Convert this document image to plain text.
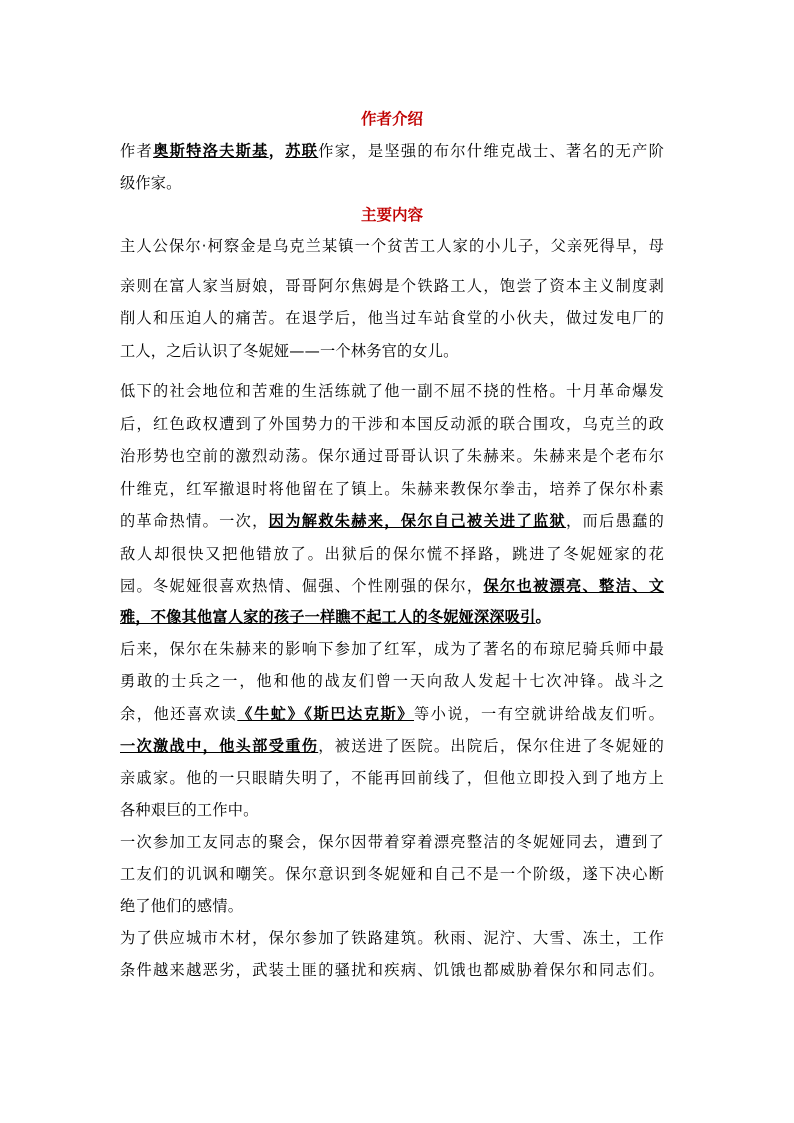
作者介绍
作者奥斯特洛夫斯基，苏联作家，是坚强的布尔什维克战士、著名的无产阶
级作家。
主要内容
主人公保尔·柯察金是乌克兰某镇一个贫苦工人家的小儿子，父亲死得早，母
亲则在富人家当厨娘，哥哥阿尔焦姆是个铁路工人，饱尝了资本主义制度剥
削人和压迫人的痛苦。在退学后，他当过车站食堂的小伙夫，做过发电厂的
工人，之后认识了冬妮娅——一个林务官的女儿。
低下的社会地位和苦难的生活练就了他一副不屈不挠的性格。十月革命爆发
后，红色政权遭到了外国势力的干涉和本国反动派的联合围攻，乌克兰的政
治形势也空前的激烈动荡。保尔通过哥哥认识了朱赫来。朱赫来是个老布尔
什维克，红军撤退时将他留在了镇上。朱赫来教保尔拳击，培养了保尔朴素
的革命热情。一次，因为解救朱赫来，保尔自己被关进了监狱，而后愚蠢的
敌人却很快又把他错放了。出狱后的保尔慌不择路，跳进了冬妮娅家的花
园。冬妮娅很喜欢热情、倔强、个性刚强的保尔，保尔也被漂亮、整洁、文
雅，不像其他富人家的孩子一样瞧不起工人的冬妮娅深深吸引。
后来，保尔在朱赫来的影响下参加了红军，成为了著名的布琼尼骑兵师中最
勇敢的士兵之一，他和他的战友们曾一天向敌人发起十七次冲锋。战斗之
余，他还喜欢读《牛虻》《斯巴达克斯》等小说，一有空就讲给战友们听。
一次激战中，他头部受重伤，被送进了医院。出院后，保尔住进了冬妮娅的
亲戚家。他的一只眼睛失明了，不能再回前线了，但他立即投入到了地方上
各种艰巨的工作中。
一次参加工友同志的聚会，保尔因带着穿着漂亮整洁的冬妮娅同去，遭到了
工友们的讥讽和嘲笑。保尔意识到冬妮娅和自己不是一个阶级，遂下决心断
绝了他们的感情。
为了供应城市木材，保尔参加了铁路建筑。秋雨、泥泞、大雪、冻土，工作
条件越来越恶劣，武装土匪的骚扰和疾病、饥饿也都威胁着保尔和同志们。
